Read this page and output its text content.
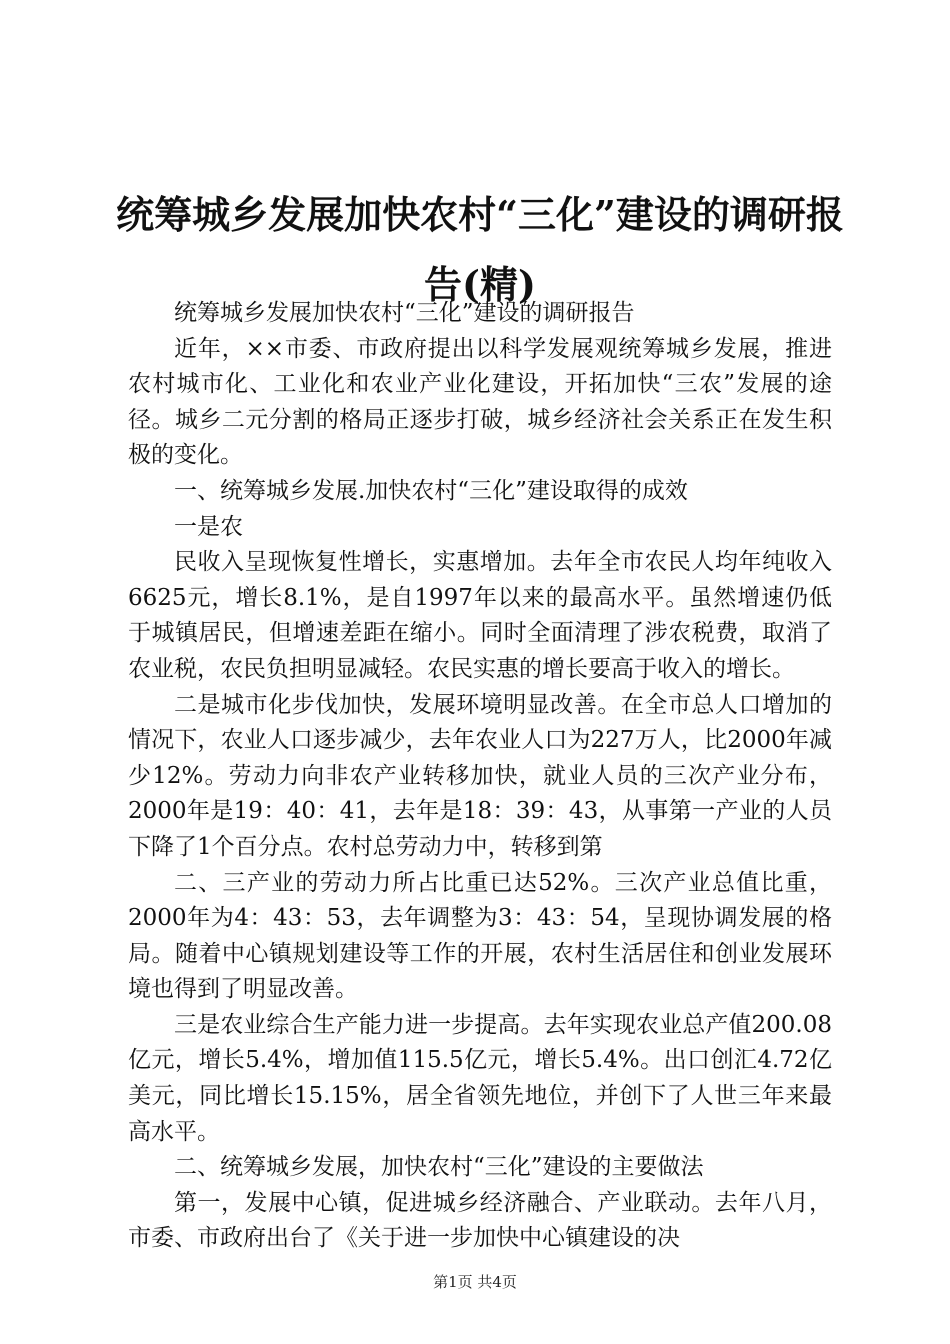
统筹城乡发展加快农村“三化”建设的调研报告(精)

统筹城乡发展加快农村“三化”建设的调研报告

近年，××市委、市政府提出以科学发展观统筹城乡发展，推进农村城市化、工业化和农业产业化建设，开拓加快“三农”发展的途径。城乡二元分割的格局正逐步打破，城乡经济社会关系正在发生积极的变化。

一、统筹城乡发展.加快农村“三化”建设取得的成效

一是农

民收入呈现恢复性增长，实惠增加。去年全市农民人均年纯收入6625元，增长8.1%，是自1997年以来的最高水平。虽然增速仍低于城镇居民，但增速差距在缩小。同时全面清理了涉农税费，取消了农业税，农民负担明显减轻。农民实惠的增长要高于收入的增长。

二是城市化步伐加快，发展环境明显改善。在全市总人口增加的情况下，农业人口逐步减少，去年农业人口为227万人，比2000年减少12%。劳动力向非农产业转移加快，就业人员的三次产业分布，2000年是19：40：41，去年是18：39：43，从事第一产业的人员下降了1个百分点。农村总劳动力中，转移到第

二、三产业的劳动力所占比重已达52%。三次产业总值比重，2000年为4：43：53，去年调整为3：43：54，呈现协调发展的格局。随着中心镇规划建设等工作的开展，农村生活居住和创业发展环境也得到了明显改善。

三是农业综合生产能力进一步提高。去年实现农业总产值200.08亿元，增长5.4%，增加值115.5亿元，增长5.4%。出口创汇4.72亿美元，同比增长15.15%，居全省领先地位，并创下了人世三年来最高水平。

二、统筹城乡发展，加快农村“三化”建设的主要做法

第一，发展中心镇，促进城乡经济融合、产业联动。去年八月，市委、市政府出台了《关于进一步加快中心镇建设的决

第1页 共4页
